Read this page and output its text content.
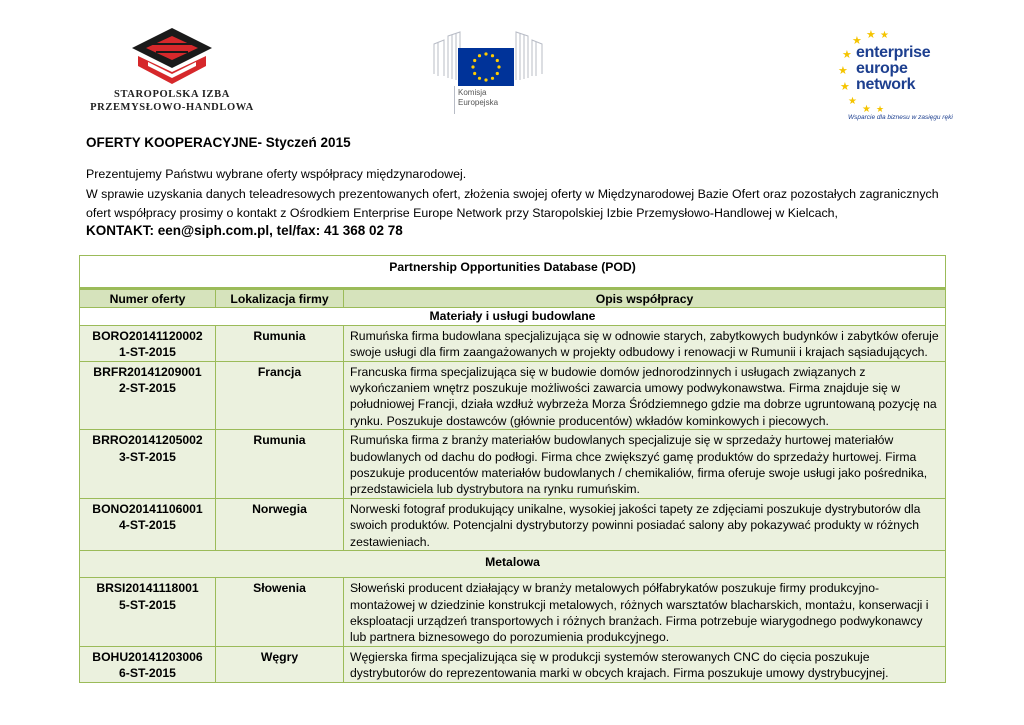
STAROPOLSKA IZBA
PRZEMYSŁOWO-HANDLOWA
Komisja
Europejska
★ ★ ★
★
★
★
★
★ ★
enterprise
europe
network
Wsparcie dla biznesu w zasięgu ręki
OFERTY KOOPERACYJNE- Styczeń 2015
Prezentujemy Państwu wybrane oferty współpracy międzynarodowej.
W sprawie uzyskania danych teleadresowych prezentowanych ofert, złożenia swojej oferty w Międzynarodowej Bazie Ofert oraz pozostałych zagranicznych ofert współpracy prosimy o kontakt z Ośrodkiem Enterprise Europe Network przy Staropolskiej Izbie Przemysłowo-Handlowej w Kielcach,
KONTAKT: een@siph.com.pl, tel/fax: 41 368 02 78
Partnership Opportunities Database (POD)		
Numer oferty	Lokalizacja firmy	Opis współpracy
Materiały i usługi budowlane		

BORO20141120002
1-ST-2015	Rumunia	Rumuńska firma budowlana specjalizująca się w odnowie starych, zabytkowych budynków i zabytków oferuje swoje usługi dla firm zaangażowanych w projekty odbudowy i renowacji w Rumunii i krajach sąsiadujących.

BRFR20141209001
2-ST-2015	Francja	Francuska firma specjalizująca się w budowie domów jednorodzinnych i usługach związanych z wykończaniem wnętrz poszukuje możliwości zawarcia umowy podwykonawstwa. Firma znajduje się w południowej Francji, działa wzdłuż wybrzeża Morza Śródziemnego gdzie ma dobrze ugruntowaną pozycję na rynku. Poszukuje dostawców (głównie producentów) wkładów kominkowych i piecowych.

BRRO20141205002
3-ST-2015	Rumunia	Rumuńska firma z branży materiałów budowlanych specjalizuje się w sprzedaży hurtowej materiałów budowlanych od dachu do podłogi. Firma chce zwiększyć gamę produktów do sprzedaży hurtowej. Firma poszukuje producentów materiałów budowlanych / chemikaliów, firma oferuje swoje usługi jako pośrednika, przedstawiciela lub dystrybutora na rynku rumuńskim.

BONO20141106001
4-ST-2015	Norwegia	Norweski fotograf produkujący unikalne, wysokiej jakości tapety ze zdjęciami poszukuje dystrybutorów dla swoich produktów. Potencjalni dystrybutorzy powinni posiadać salony aby pokazywać produkty w różnych zestawieniach.
Metalowa		

BRSI20141118001
5-ST-2015	Słowenia	Słoweński producent działający w branży metalowych półfabrykatów poszukuje firmy produkcyjno-montażowej w dziedzinie konstrukcji metalowych, różnych warsztatów blacharskich, montażu, konserwacji i eksploatacji urządzeń transportowych i różnych branżach. Firma potrzebuje wiarygodnego podwykonawcy lub partnera biznesowego do porozumienia produkcyjnego.

BOHU20141203006
6-ST-2015	Węgry	Węgierska firma specjalizująca się w produkcji systemów sterowanych CNC do cięcia poszukuje dystrybutorów do reprezentowania marki w obcych krajach. Firma poszukuje umowy dystrybucyjnej.
